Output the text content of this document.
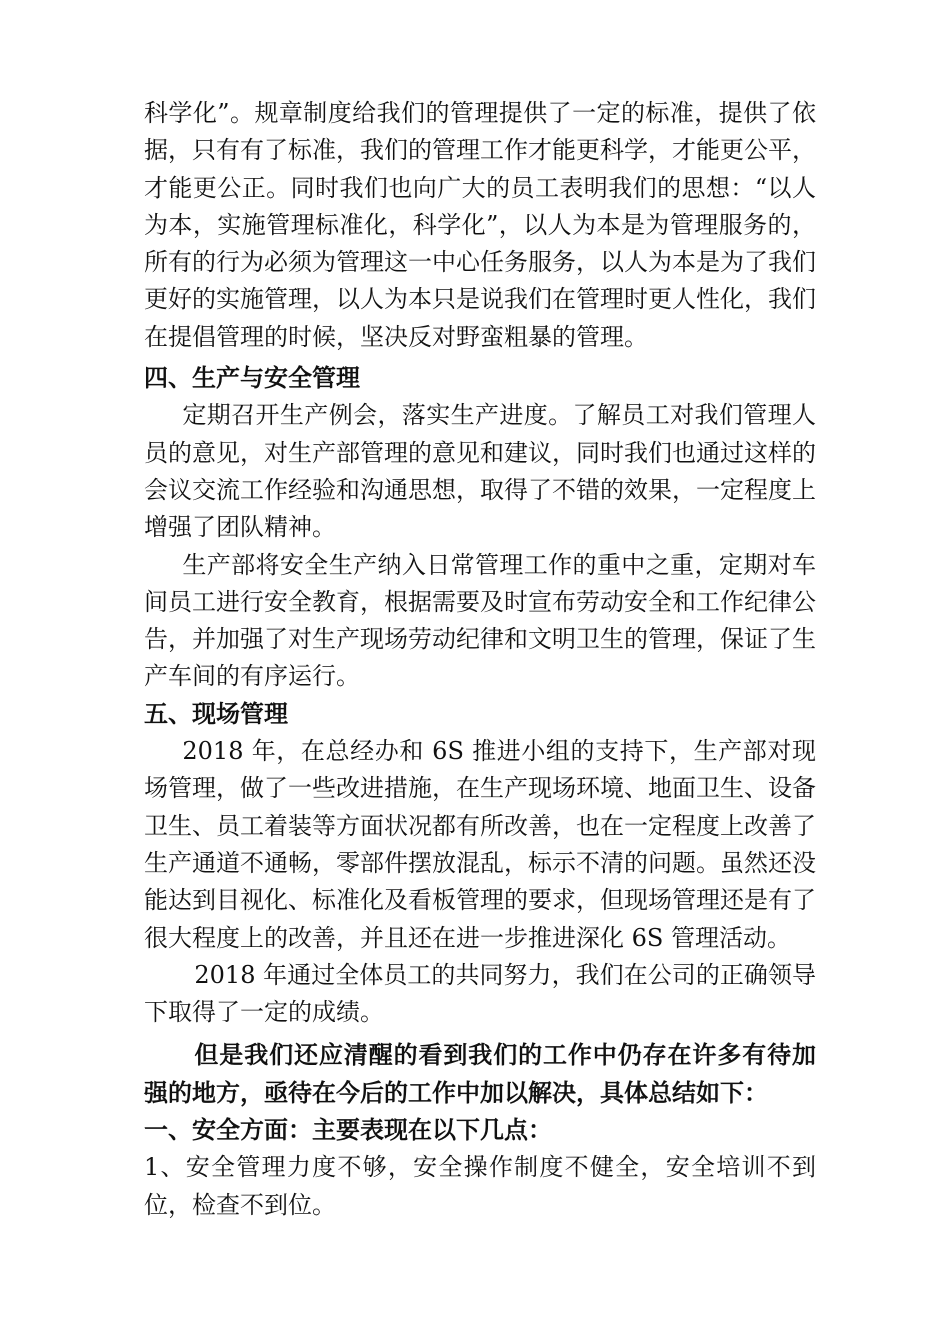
科学化”。规章制度给我们的管理提供了一定的标准，提供了依据，只有有了标准，我们的管理工作才能更科学，才能更公平，才能更公正。同时我们也向广大的员工表明我们的思想：“以人为本，实施管理标准化，科学化”，以人为本是为管理服务的，所有的行为必须为管理这一中心任务服务，以人为本是为了我们更好的实施管理，以人为本只是说我们在管理时更人性化，我们在提倡管理的时候，坚决反对野蛮粗暴的管理。

四、生产与安全管理

定期召开生产例会，落实生产进度。了解员工对我们管理人员的意见，对生产部管理的意见和建议，同时我们也通过这样的会议交流工作经验和沟通思想，取得了不错的效果，一定程度上增强了团队精神。

生产部将安全生产纳入日常管理工作的重中之重，定期对车间员工进行安全教育，根据需要及时宣布劳动安全和工作纪律公告，并加强了对生产现场劳动纪律和文明卫生的管理，保证了生产车间的有序运行。

五、现场管理

2018 年，在总经办和 6S 推进小组的支持下，生产部对现场管理，做了一些改进措施，在生产现场环境、地面卫生、设备卫生、员工着装等方面状况都有所改善，也在一定程度上改善了生产通道不通畅，零部件摆放混乱，标示不清的问题。虽然还没能达到目视化、标准化及看板管理的要求，但现场管理还是有了很大程度上的改善，并且还在进一步推进深化 6S 管理活动。

2018 年通过全体员工的共同努力，我们在公司的正确领导下取得了一定的成绩。

但是我们还应清醒的看到我们的工作中仍存在许多有待加强的地方，亟待在今后的工作中加以解决，具体总结如下：

一、安全方面：主要表现在以下几点：

1、安全管理力度不够，安全操作制度不健全，安全培训不到位，检查不到位。
